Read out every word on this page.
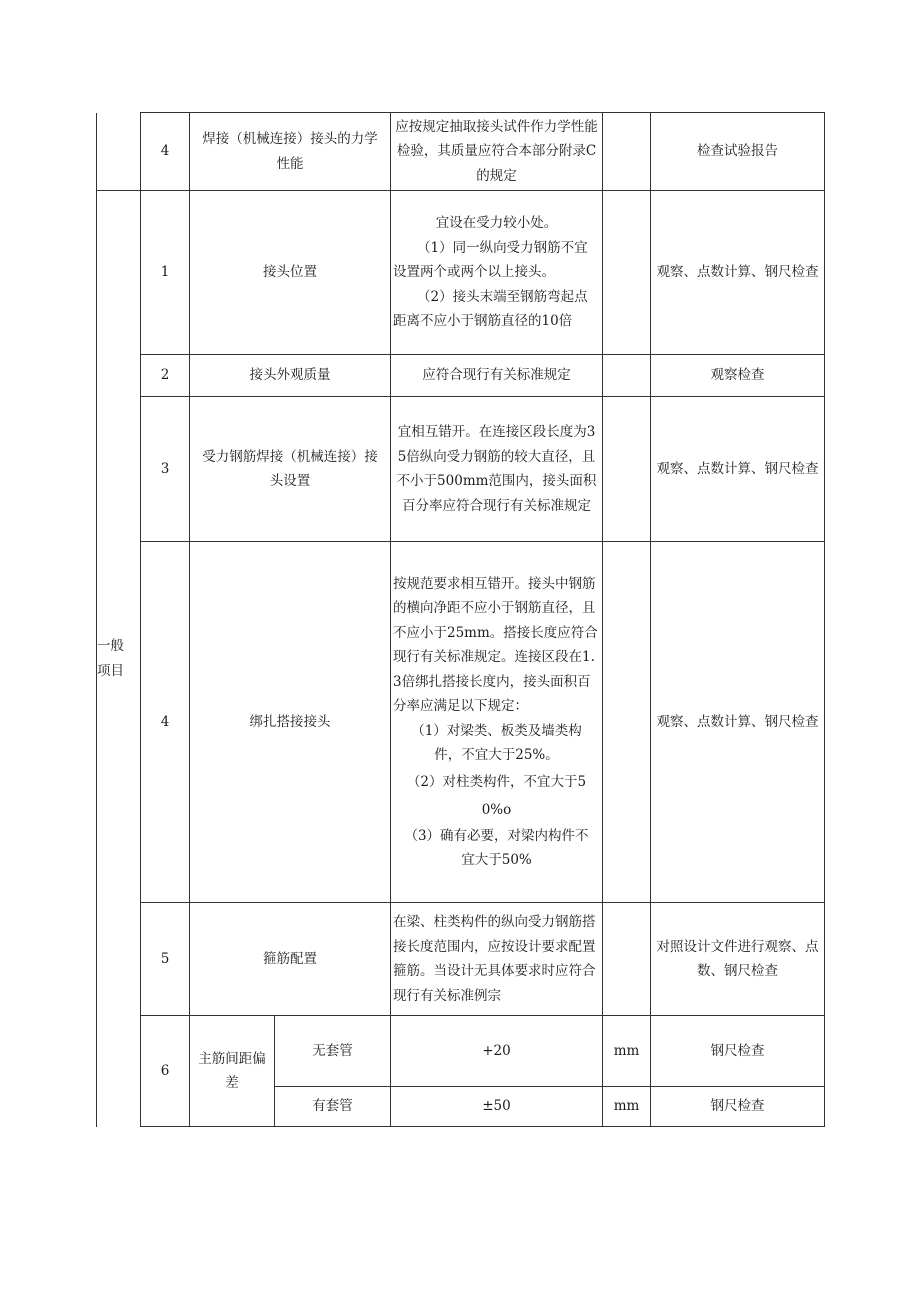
	4	焊接（机械连接）接头的力学性能		应按规定抽取接头试件作力学性能检验，其质量应符合本部分附录C的规定		检查试验报告

一般
项目	1	接头位置		宜设在受力较小处。
（1）同一纵向受力钢筋不宜设置两个或两个以上接头。
（2）接头末端至钢筋弯起点距离不应小于钢筋直径的10倍		观察、点数计算、钢尺检查
	2	接头外观质量		应符合现行有关标准规定		观察检查
	3	受力钢筋焊接（机械连接）接头设置		宜相互错开。在连接区段长度为35倍纵向受力钢筋的较大直径，且不小于500mm范围内，接头面积百分率应符合现行有关标准规定		观察、点数计算、钢尺检查
	4	绑扎搭接接头		按规范要求相互错开。接头中钢筋的横向净距不应小于钢筋直径，且不应小于25mm。搭接长度应符合现行有关标准规定。连接区段在1.3倍绑扎搭接长度内，接头面积百分率应满足以下规定：
（1）对梁类、板类及墙类构件，不宜大于25%。
（2）对柱类构件，不宜大于50%o
（3）确有必要，对梁内构件不宜大于50%		观察、点数计算、钢尺检查
	5	箍筋配置		在梁、柱类构件的纵向受力钢筋搭接长度范围内，应按设计要求配置箍筋。当设计无具体要求时应符合现行有关标准例宗		对照设计文件进行观察、点数、钢尺检查
	6	主筋间距偏差	无套管	+20	mm	钢尺检查
			有套管	±50	mm	钢尺检查
